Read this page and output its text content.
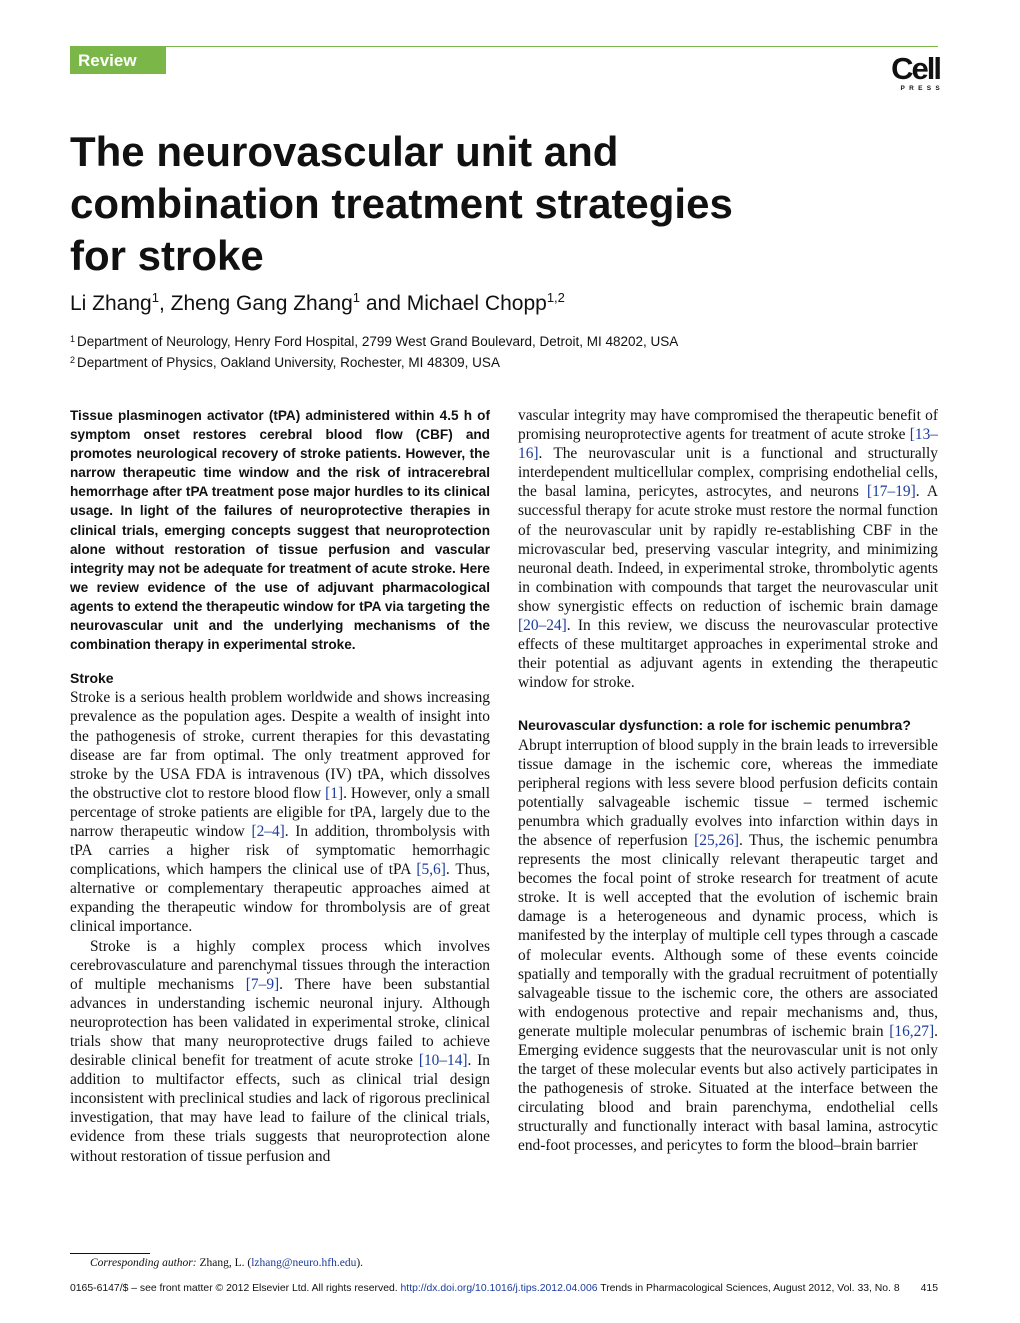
Review	Cell
PRESS
The neurovascular unit and
combination treatment strategies
for stroke
Li Zhang$^1$, Zheng Gang Zhang$^1$ and Michael Chopp$^{1,2}$
$^1$ Department of Neurology, Henry Ford Hospital, 2799 West Grand Boulevard, Detroit, MI 48202, USA
$^2$ Department of Physics, Oakland University, Rochester, MI 48309, USA

Tissue plasminogen activator (tPA) administered within 4.5 h of symptom onset restores cerebral blood flow (CBF) and promotes neurological recovery of stroke patients. However, the narrow therapeutic time window and the risk of intracerebral hemorrhage after tPA treatment pose major hurdles to its clinical usage. In light of the failures of neuroprotective therapies in clinical trials, emerging concepts suggest that neuroprotection alone without restoration of tissue perfusion and vascular integrity may not be adequate for treatment of acute stroke. Here we review evidence of the use of adjuvant pharmacological agents to extend the therapeutic window for tPA via targeting the neurovascular unit and the underlying mechanisms of the combination therapy in experimental stroke.

Stroke

Stroke is a serious health problem worldwide and shows increasing prevalence as the population ages. Despite a wealth of insight into the pathogenesis of stroke, current therapies for this devastating disease are far from optimal. The only treatment approved for stroke by the USA FDA is intravenous (IV) tPA, which dissolves the obstructive clot to restore blood flow [1]. However, only a small percentage of stroke patients are eligible for tPA, largely due to the narrow therapeutic window [2–4]. In addition, thrombolysis with tPA carries a higher risk of symptomatic hemorrhagic complications, which hampers the clinical use of tPA [5,6]. Thus, alternative or complementary therapeutic approaches aimed at expanding the therapeutic window for thrombolysis are of great clinical importance.

Stroke is a highly complex process which involves cerebrovasculature and parenchymal tissues through the interaction of multiple mechanisms [7–9]. There have been substantial advances in understanding ischemic neuronal injury. Although neuroprotection has been validated in experimental stroke, clinical trials show that many neuroprotective drugs failed to achieve desirable clinical benefit for treatment of acute stroke [10–14]. In addition to multifactor effects, such as clinical trial design inconsistent with preclinical studies and lack of rigorous preclinical investigation, that may have lead to failure of the clinical trials, evidence from these trials suggests that neuroprotection alone without restoration of tissue perfusion and

vascular integrity may have compromised the therapeutic benefit of promising neuroprotective agents for treatment of acute stroke [13–16]. The neurovascular unit is a functional and structurally interdependent multicellular complex, comprising endothelial cells, the basal lamina, pericytes, astrocytes, and neurons [17–19]. A successful therapy for acute stroke must restore the normal function of the neurovascular unit by rapidly re-establishing CBF in the microvascular bed, preserving vascular integrity, and minimizing neuronal death. Indeed, in experimental stroke, thrombolytic agents in combination with compounds that target the neurovascular unit show synergistic effects on reduction of ischemic brain damage [20–24]. In this review, we discuss the neurovascular protective effects of these multitarget approaches in experimental stroke and their potential as adjuvant agents in extending the therapeutic window for stroke.

Neurovascular dysfunction: a role for ischemic penumbra?

Abrupt interruption of blood supply in the brain leads to irreversible tissue damage in the ischemic core, whereas the immediate peripheral regions with less severe blood perfusion deficits contain potentially salvageable ischemic tissue – termed ischemic penumbra which gradually evolves into infarction within days in the absence of reperfusion [25,26]. Thus, the ischemic penumbra represents the most clinically relevant therapeutic target and becomes the focal point of stroke research for treatment of acute stroke. It is well accepted that the evolution of ischemic brain damage is a heterogeneous and dynamic process, which is manifested by the interplay of multiple cell types through a cascade of molecular events. Although some of these events coincide spatially and temporally with the gradual recruitment of potentially salvageable tissue to the ischemic core, the others are associated with endogenous protective and repair mechanisms and, thus, generate multiple molecular penumbras of ischemic brain [16,27]. Emerging evidence suggests that the neurovascular unit is not only the target of these molecular events but also actively participates in the pathogenesis of stroke. Situated at the interface between the circulating blood and brain parenchyma, endothelial cells structurally and functionally interact with basal lamina, astrocytic end-foot processes, and pericytes to form the blood–brain barrier

Corresponding author: Zhang, L. (lzhang@neuro.hfh.edu).
0165-6147/$ – see front matter © 2012 Elsevier Ltd. All rights reserved. http://dx.doi.org/10.1016/j.tips.2012.04.006 Trends in Pharmacological Sciences, August 2012, Vol. 33, No. 8 415
